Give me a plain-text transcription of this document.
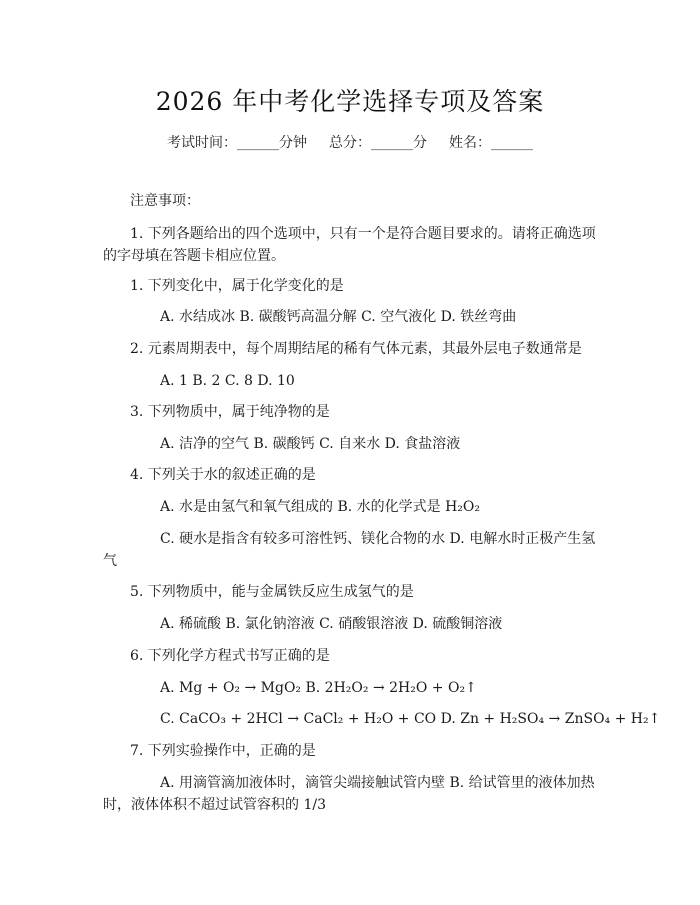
2026 年中考化学选择专项及答案
考试时间：______分钟 总分：______分 姓名：______
注意事项：
1. 下列各题给出的四个选项中，只有一个是符合题目要求的。请将正确选项的字母填在答题卡相应位置。
1. 下列变化中，属于化学变化的是
A. 水结成冰 B. 碳酸钙高温分解 C. 空气液化 D. 铁丝弯曲
2. 元素周期表中，每个周期结尾的稀有气体元素，其最外层电子数通常是
A. 1 B. 2 C. 8 D. 10
3. 下列物质中，属于纯净物的是
A. 洁净的空气 B. 碳酸钙 C. 自来水 D. 食盐溶液
4. 下列关于水的叙述正确的是
A. 水是由氢气和氧气组成的 B. 水的化学式是 H₂O₂
C. 硬水是指含有较多可溶性钙、镁化合物的水 D. 电解水时正极产生氢气
5. 下列物质中，能与金属铁反应生成氢气的是
A. 稀硫酸 B. 氯化钠溶液 C. 硝酸银溶液 D. 硫酸铜溶液
6. 下列化学方程式书写正确的是
A. Mg + O₂ → MgO₂ B. 2H₂O₂ → 2H₂O + O₂↑
C. CaCO₃ + 2HCl → CaCl₂ + H₂O + CO D. Zn + H₂SO₄ → ZnSO₄ + H₂↑
7. 下列实验操作中，正确的是
A. 用滴管滴加液体时，滴管尖端接触试管内壁 B. 给试管里的液体加热时，液体体积不超过试管容积的 1/3
